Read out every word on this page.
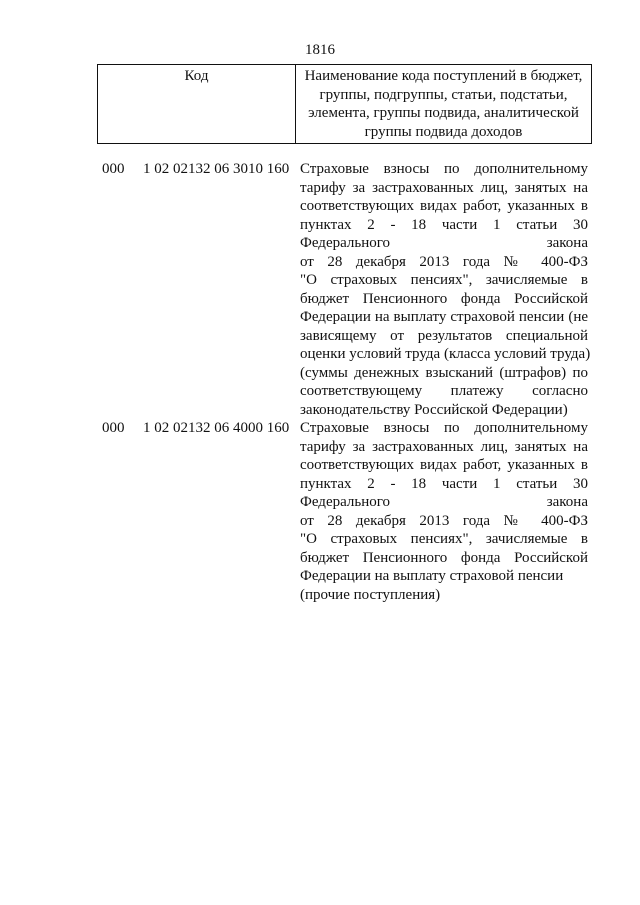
1816
Код	Наименование кода поступлений в бюджет,
группы, подгруппы, статьи, подстатьи,
элемента, группы подвида, аналитической
группы подвида доходов
000 1 02 02132 06 3010 160 Страховые взносы по дополнительному
тарифу за застрахованных лиц, занятых на
соответствующих видах работ, указанных в
пунктах 2 - 18 части 1 статьи 30
Федерального закона
от 28 декабря 2013 года № 400-ФЗ
"О страховых пенсиях", зачисляемые в
бюджет Пенсионного фонда Российской
Федерации на выплату страховой пенсии (не
зависящему от результатов специальной
оценки условий труда (класса условий труда)
(суммы денежных взысканий (штрафов) по
соответствующему платежу согласно
законодательству Российской Федерации)
000 1 02 02132 06 4000 160 Страховые взносы по дополнительному
тарифу за застрахованных лиц, занятых на
соответствующих видах работ, указанных в
пунктах 2 - 18 части 1 статьи 30
Федерального закона
от 28 декабря 2013 года № 400-ФЗ
"О страховых пенсиях", зачисляемые в
бюджет Пенсионного фонда Российской
Федерации на выплату страховой пенсии
(прочие поступления)
